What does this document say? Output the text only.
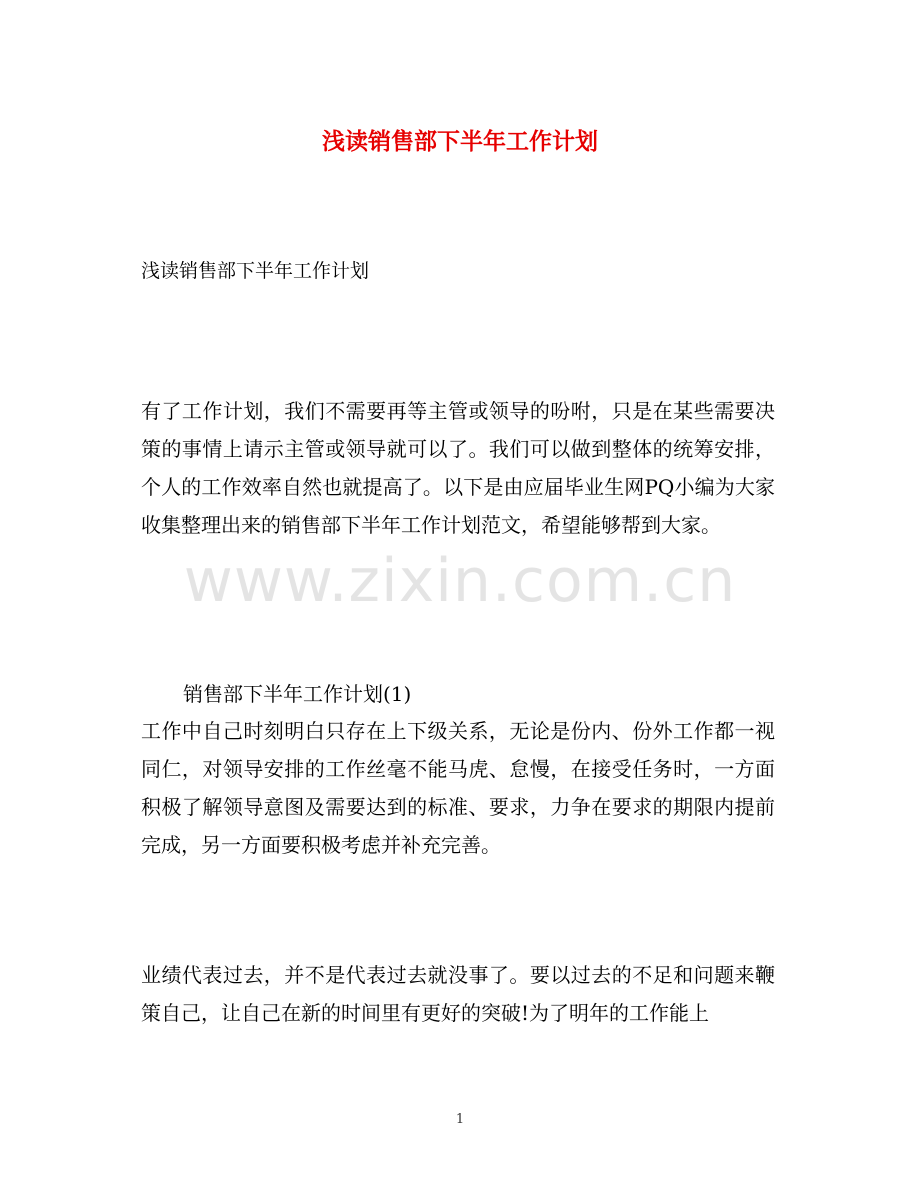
浅读销售部下半年工作计划
浅读销售部下半年工作计划

有了工作计划，我们不需要再等主管或领导的吩咐，只是在某些需要决策的事情上请示主管或领导就可以了。我们可以做到整体的统筹安排，个人的工作效率自然也就提高了。以下是由应届毕业生网PQ小编为大家收集整理出来的销售部下半年工作计划范文，希望能够帮到大家。

www.zixin.com.cn
销售部下半年工作计划(1)

工作中自己时刻明白只存在上下级关系，无论是份内、份外工作都一视同仁，对领导安排的工作丝毫不能马虎、怠慢，在接受任务时，一方面积极了解领导意图及需要达到的标准、要求，力争在要求的期限内提前完成，另一方面要积极考虑并补充完善。

业绩代表过去，并不是代表过去就没事了。要以过去的不足和问题来鞭策自己，让自己在新的时间里有更好的突破!为了明年的工作能上

1
